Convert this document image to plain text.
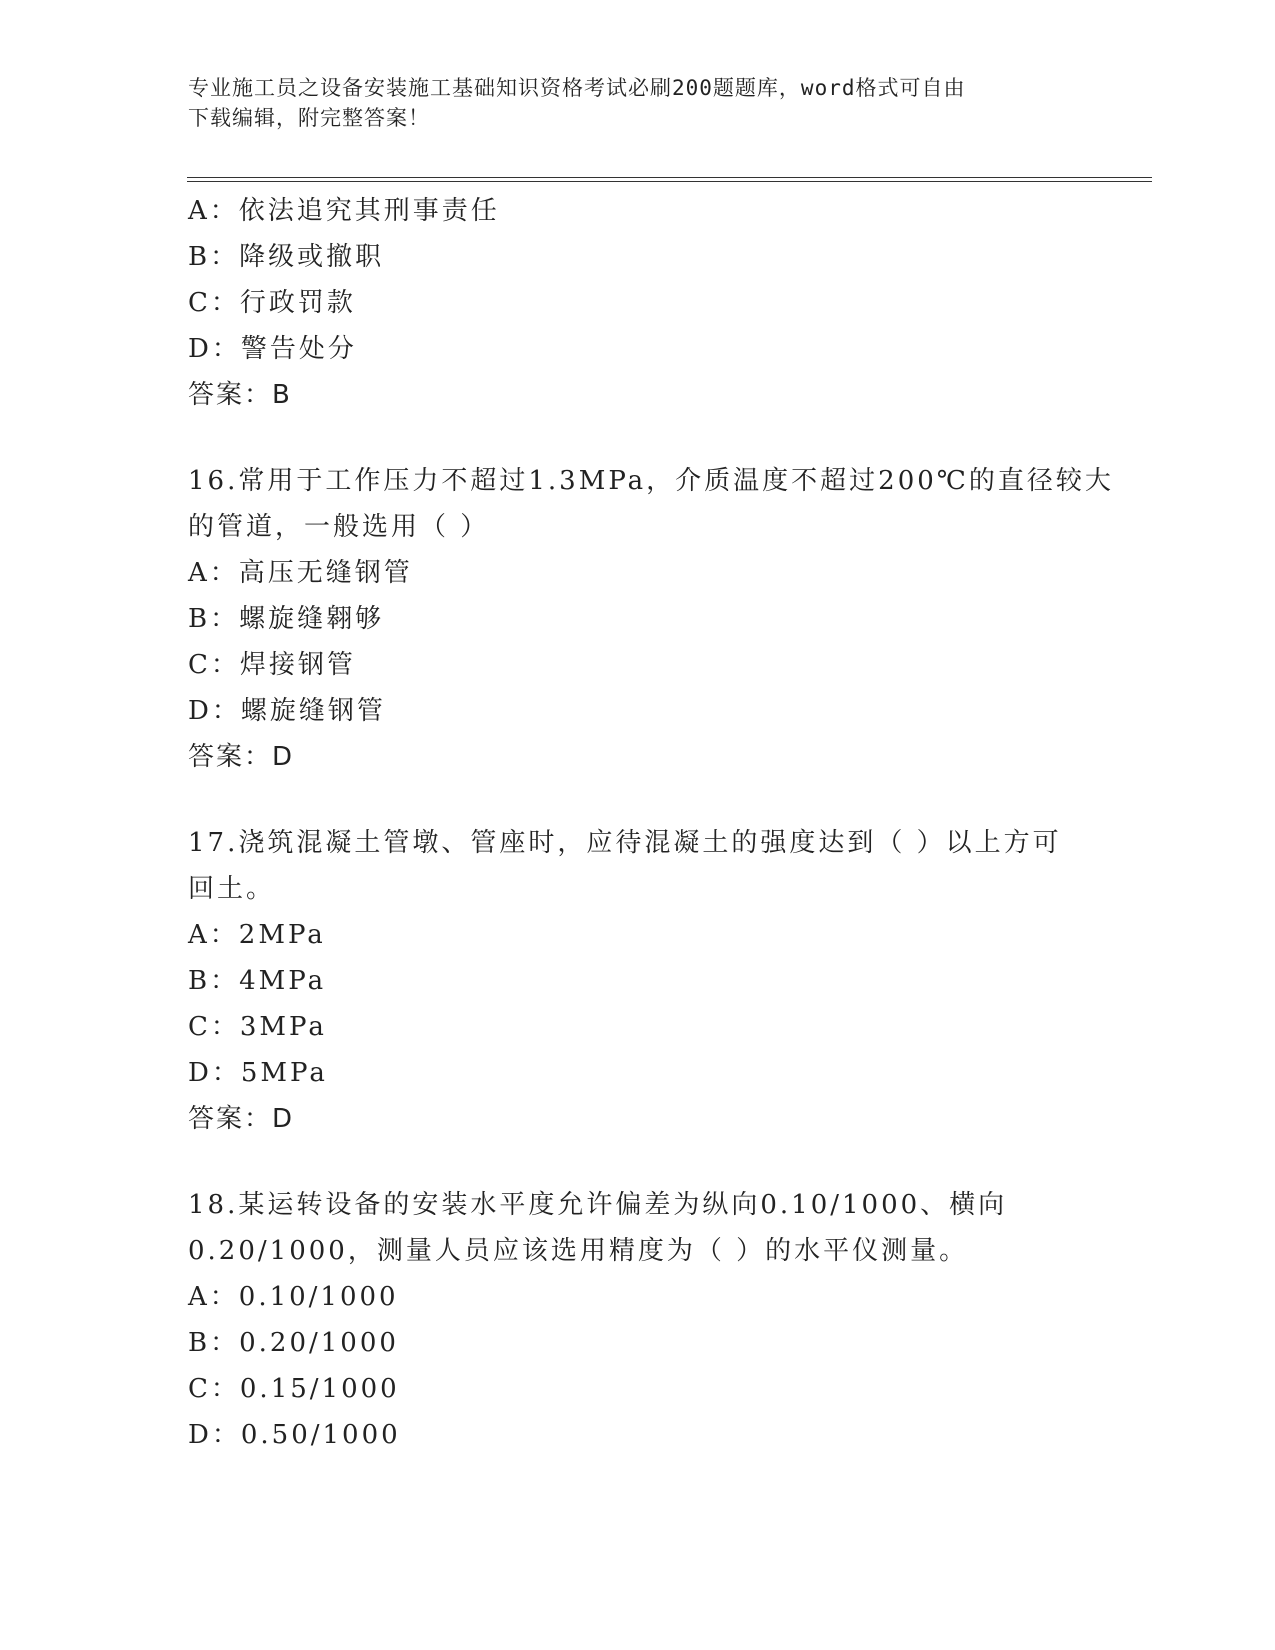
专业施工员之设备安装施工基础知识资格考试必刷200题题库，word格式可自由
下载编辑，附完整答案！
A：依法追究其刑事责任
B：降级或撤职
C：行政罚款
D：警告处分
答案：B
16.常用于工作压力不超过1.3MPa，介质温度不超过200℃的直径较大
的管道，一般选用（ ）
A：高压无缝钢管
B：螺旋缝翱够
C：焊接钢管
D：螺旋缝钢管
答案：D
17.浇筑混凝土管墩、管座时，应待混凝土的强度达到（ ）以上方可
回土。
A：2MPa
B：4MPa
C：3MPa
D：5MPa
答案：D
18.某运转设备的安装水平度允许偏差为纵向0.10/1000、横向
0.20/1000，测量人员应该选用精度为（ ）的水平仪测量。
A：0.10/1000
B：0.20/1000
C：0.15/1000
D：0.50/1000
